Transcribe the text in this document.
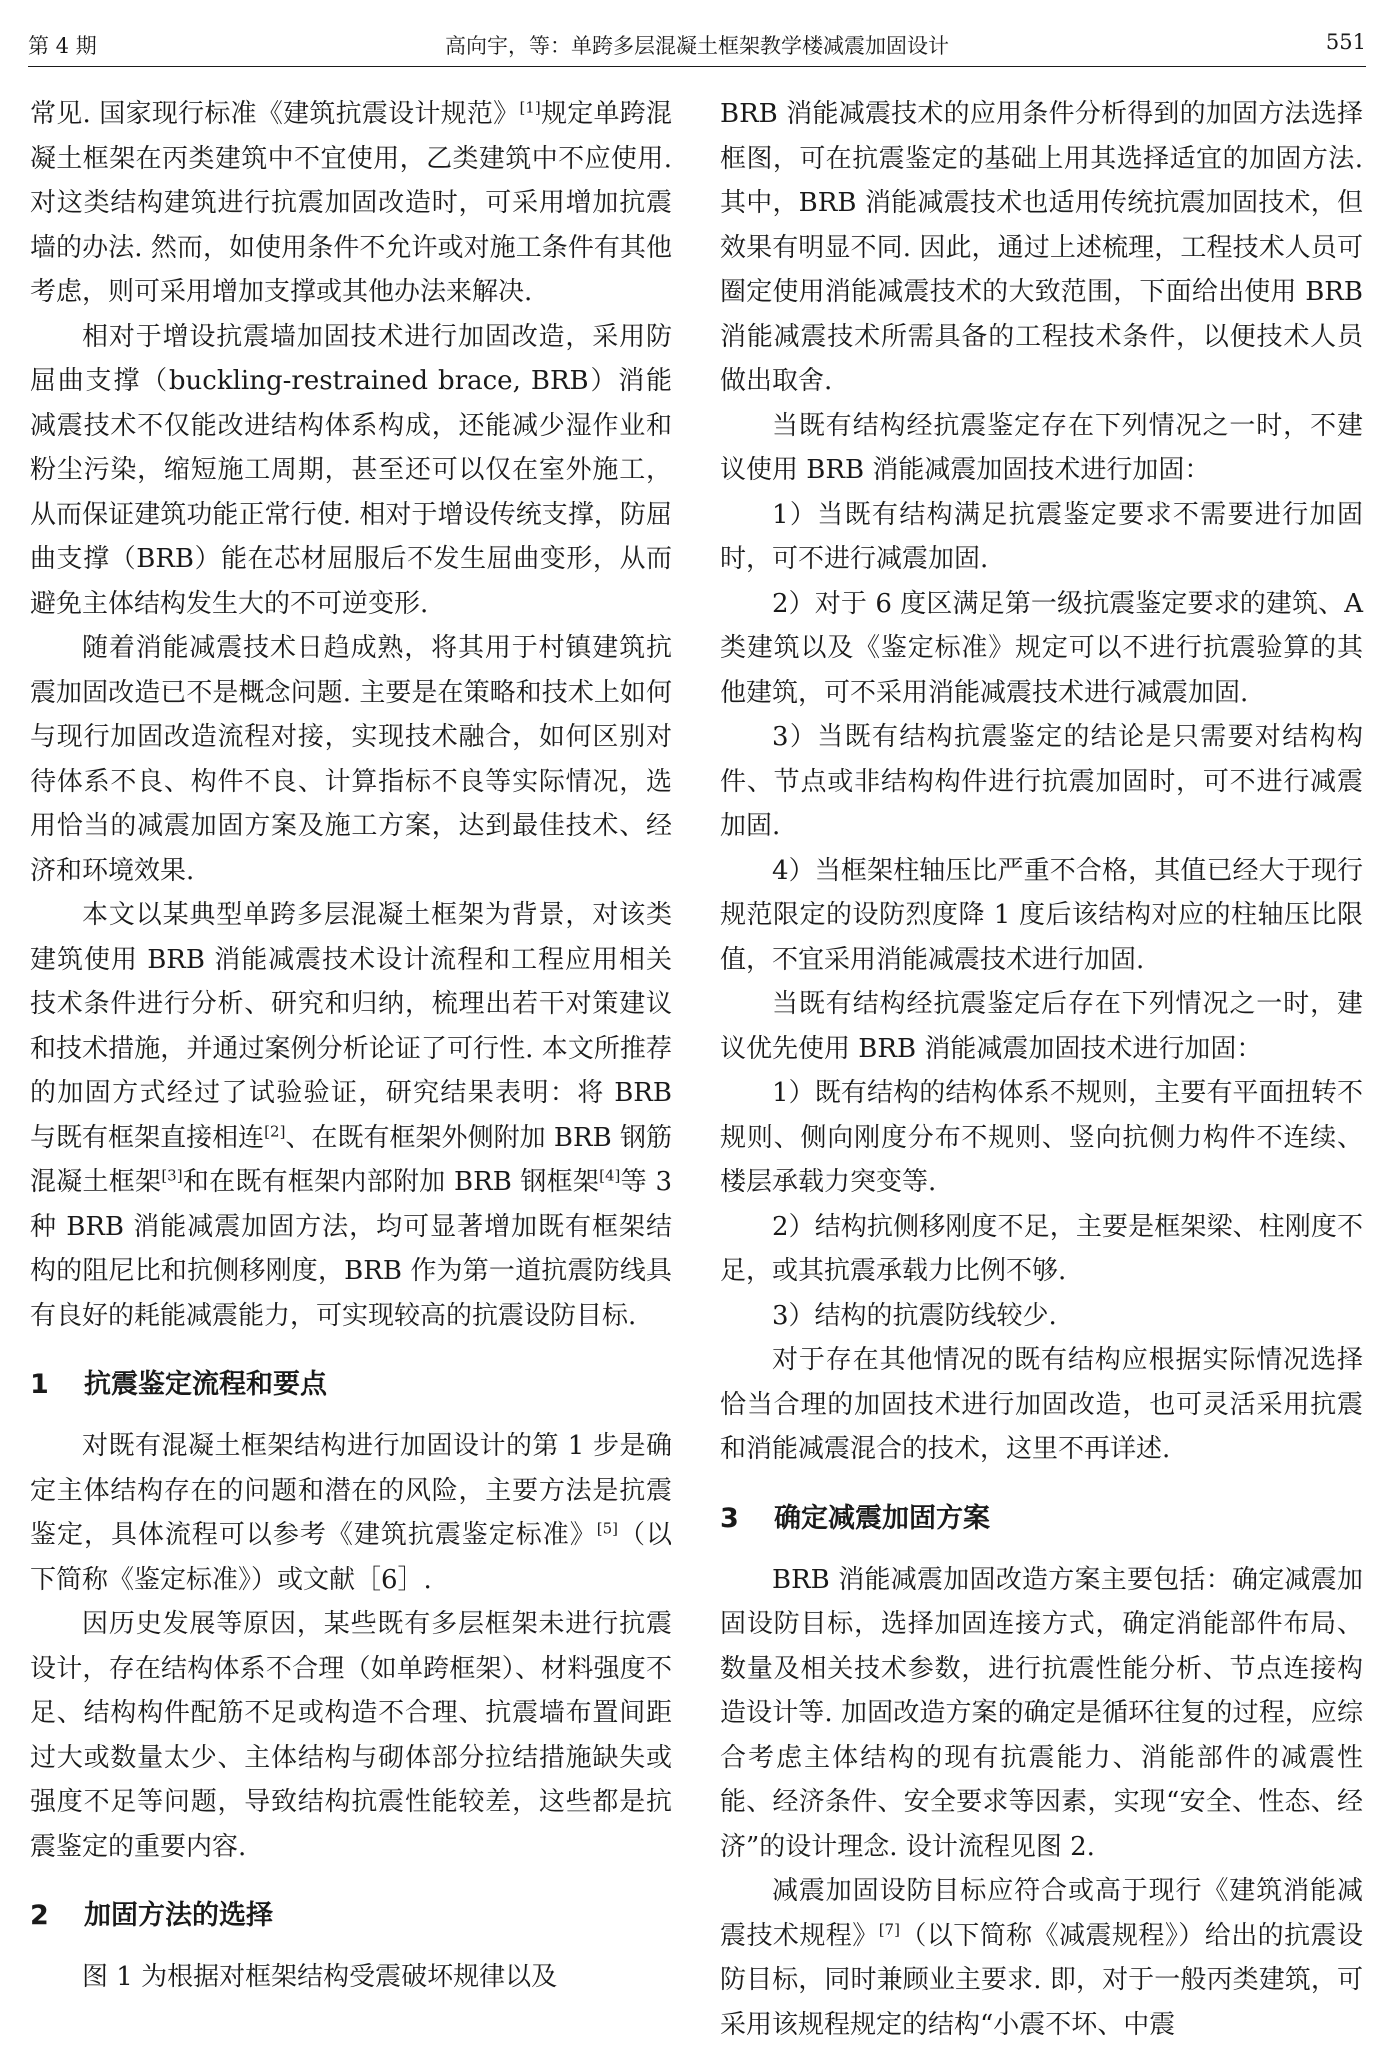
第 4 期	高向宇，等：单跨多层混凝土框架教学楼减震加固设计	551

常见. 国家现行标准《建筑抗震设计规范》[1]规定单跨混凝土框架在丙类建筑中不宜使用，乙类建筑中不应使用. 对这类结构建筑进行抗震加固改造时，可采用增加抗震墙的办法. 然而，如使用条件不允许或对施工条件有其他考虑，则可采用增加支撑或其他办法来解决.

相对于增设抗震墙加固技术进行加固改造，采用防屈曲支撑（buckling-restrained brace, BRB）消能减震技术不仅能改进结构体系构成，还能减少湿作业和粉尘污染，缩短施工周期，甚至还可以仅在室外施工，从而保证建筑功能正常行使. 相对于增设传统支撑，防屈曲支撑（BRB）能在芯材屈服后不发生屈曲变形，从而避免主体结构发生大的不可逆变形.

随着消能减震技术日趋成熟，将其用于村镇建筑抗震加固改造已不是概念问题. 主要是在策略和技术上如何与现行加固改造流程对接，实现技术融合，如何区别对待体系不良、构件不良、计算指标不良等实际情况，选用恰当的减震加固方案及施工方案，达到最佳技术、经济和环境效果.

本文以某典型单跨多层混凝土框架为背景，对该类建筑使用 BRB 消能减震技术设计流程和工程应用相关技术条件进行分析、研究和归纳，梳理出若干对策建议和技术措施，并通过案例分析论证了可行性. 本文所推荐的加固方式经过了试验验证，研究结果表明：将 BRB 与既有框架直接相连[2]、在既有框架外侧附加 BRB 钢筋混凝土框架[3]和在既有框架内部附加 BRB 钢框架[4]等 3 种 BRB 消能减震加固方法，均可显著增加既有框架结构的阻尼比和抗侧移刚度，BRB 作为第一道抗震防线具有良好的耗能减震能力，可实现较高的抗震设防目标.

1 抗震鉴定流程和要点

对既有混凝土框架结构进行加固设计的第 1 步是确定主体结构存在的问题和潜在的风险，主要方法是抗震鉴定，具体流程可以参考《建筑抗震鉴定标准》[5]（以下简称《鉴定标准》）或文献［6］.

因历史发展等原因，某些既有多层框架未进行抗震设计，存在结构体系不合理（如单跨框架）、材料强度不足、结构构件配筋不足或构造不合理、抗震墙布置间距过大或数量太少、主体结构与砌体部分拉结措施缺失或强度不足等问题，导致结构抗震性能较差，这些都是抗震鉴定的重要内容.

2 加固方法的选择

图 1 为根据对框架结构受震破坏规律以及

BRB 消能减震技术的应用条件分析得到的加固方法选择框图，可在抗震鉴定的基础上用其选择适宜的加固方法. 其中，BRB 消能减震技术也适用传统抗震加固技术，但效果有明显不同. 因此，通过上述梳理，工程技术人员可圈定使用消能减震技术的大致范围，下面给出使用 BRB 消能减震技术所需具备的工程技术条件，以便技术人员做出取舍.

当既有结构经抗震鉴定存在下列情况之一时，不建议使用 BRB 消能减震加固技术进行加固：

1）当既有结构满足抗震鉴定要求不需要进行加固时，可不进行减震加固.

2）对于 6 度区满足第一级抗震鉴定要求的建筑、A 类建筑以及《鉴定标准》规定可以不进行抗震验算的其他建筑，可不采用消能减震技术进行减震加固.

3）当既有结构抗震鉴定的结论是只需要对结构构件、节点或非结构构件进行抗震加固时，可不进行减震加固.

4）当框架柱轴压比严重不合格，其值已经大于现行规范限定的设防烈度降 1 度后该结构对应的柱轴压比限值，不宜采用消能减震技术进行加固.

当既有结构经抗震鉴定后存在下列情况之一时，建议优先使用 BRB 消能减震加固技术进行加固：

1）既有结构的结构体系不规则，主要有平面扭转不规则、侧向刚度分布不规则、竖向抗侧力构件不连续、楼层承载力突变等.

2）结构抗侧移刚度不足，主要是框架梁、柱刚度不足，或其抗震承载力比例不够.

3）结构的抗震防线较少.

对于存在其他情况的既有结构应根据实际情况选择恰当合理的加固技术进行加固改造，也可灵活采用抗震和消能减震混合的技术，这里不再详述.

3 确定减震加固方案

BRB 消能减震加固改造方案主要包括：确定减震加固设防目标，选择加固连接方式，确定消能部件布局、数量及相关技术参数，进行抗震性能分析、节点连接构造设计等. 加固改造方案的确定是循环往复的过程，应综合考虑主体结构的现有抗震能力、消能部件的减震性能、经济条件、安全要求等因素，实现“安全、性态、经济”的设计理念. 设计流程见图 2.

减震加固设防目标应符合或高于现行《建筑消能减震技术规程》[7]（以下简称《减震规程》）给出的抗震设防目标，同时兼顾业主要求. 即，对于一般丙类建筑，可采用该规程规定的结构“小震不坏、中震
